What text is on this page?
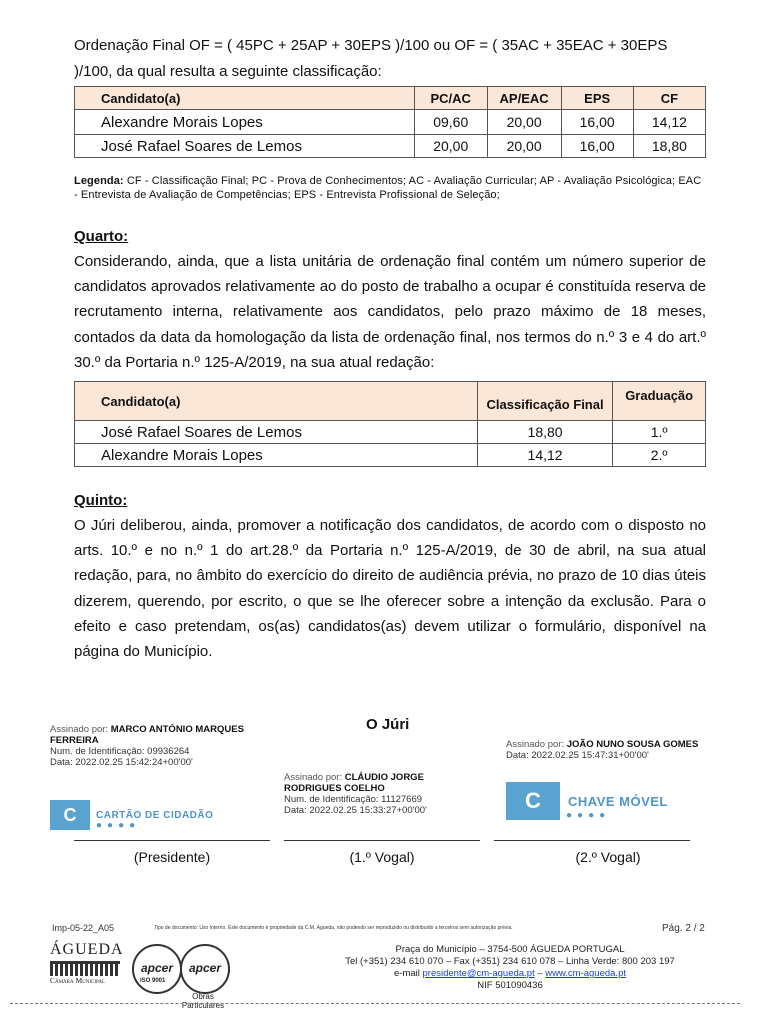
Ordenação Final OF = ( 45PC + 25AP + 30EPS )/100 ou OF = ( 35AC + 35EAC + 30EPS
)/100, da qual resulta a seguinte classificação:
Candidato(a)	PC/AC	AP/EAC	EPS	CF
Alexandre Morais Lopes	09,60	20,00	16,00	14,12
José Rafael Soares de Lemos	20,00	20,00	16,00	18,80
Legenda: CF - Classificação Final; PC - Prova de Conhecimentos; AC - Avaliação Curricular; AP - Avaliação Psicológica; EAC - Entrevista de Avaliação de Competências; EPS - Entrevista Profissional de Seleção;
Quarto:

Considerando, ainda, que a lista unitária de ordenação final contém um número superior de candidatos aprovados relativamente ao do posto de trabalho a ocupar é constituída reserva de recrutamento interna, relativamente aos candidatos, pelo prazo máximo de 18 meses, contados da data da homologação da lista de ordenação final, nos termos do n.º 3 e 4 do art.º 30.º da Portaria n.º 125-A/2019, na sua atual redação:

Candidato(a)	Classificação Final	Graduação
José Rafael Soares de Lemos	18,80	1.º
Alexandre Morais Lopes	14,12	2.º
Quinto:

O Júri deliberou, ainda, promover a notificação dos candidatos, de acordo com o disposto no arts. 10.º e no n.º 1 do art.28.º da Portaria n.º 125-A/2019, de 30 de abril, na sua atual redação, para, no âmbito do exercício do direito de audiência prévia, no prazo de 10 dias úteis dizerem, querendo, por escrito, o que se lhe oferecer sobre a intenção da exclusão. Para o efeito e caso pretendam, os(as) candidatos(as) devem utilizar o formulário, disponível na página do Município.

O Júri
Assinado por: MARCO ANTÓNIO MARQUES FERREIRA
Num. de Identificação: 09936264
Data: 2022.02.25 15:42:24+00'00'
C	CARTÃO DE CIDADÃO
●●●●
Assinado por: CLÁUDIO JORGE RODRIGUES COELHO
Num. de Identificação: 11127669
Data: 2022.02.25 15:33:27+00'00'
Assinado por: JOÃO NUNO SOUSA GOMES
Data: 2022.02.25 15:47:31+00'00'
C	CHAVE MÓVEL
●●●●
(Presidente)	(1.º Vogal)	(2.º Vogal)
Imp-05-22_A05	Tipo de documento: Uso Interno. Este documento é propriedade da C.M. Águeda, não podendo ser reproduzido ou distribuído a terceiros sem autorização prévia.	Pág. 2 / 2
ÁGUEDA
Câmara Municipal
apcer
ISO 9001
apcer
Obras Particulares
Praça do Município – 3754-500 ÁGUEDA PORTUGAL
Tel (+351) 234 610 070 – Fax (+351) 234 610 078 – Linha Verde: 800 203 197
e-mail presidente@cm-agueda.pt – www.cm-agueda.pt
NIF 501090436
